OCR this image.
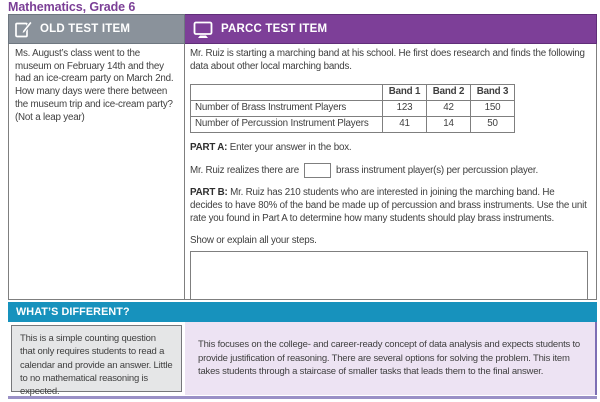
Mathematics, Grade 6
OLD TEST ITEM	PARCC TEST ITEM
Ms. August’s class went to the museum on February 14th and they had an ice-cream party on March 2nd. How many days were there between the museum trip and ice-cream party? (Not a leap year)

Mr. Ruiz is starting a marching band at his school. He first does research and finds the following data about other local marching bands.

	Band 1	Band 2	Band 3
Number of Brass Instrument Players	123	42	150
Number of Percussion Instrument Players	41	14	50

PART A: Enter your answer in the box.

Mr. Ruiz realizes there are	brass instrument player(s) per percussion player.

PART B: Mr. Ruiz has 210 students who are interested in joining the marching band. He decides to have 80% of the band be made up of percussion and brass instruments. Use the unit rate you found in Part A to determine how many students should play brass instruments.

Show or explain all your steps.

WHAT’S DIFFERENT?
This is a simple counting question that only requires students to read a calendar and provide an answer. Little to no mathematical reasoning is expected.
This focuses on the college- and career-ready concept of data analysis and expects students to provide justification of reasoning. There are several options for solving the problem. This item takes students through a staircase of smaller tasks that leads them to the final answer.
